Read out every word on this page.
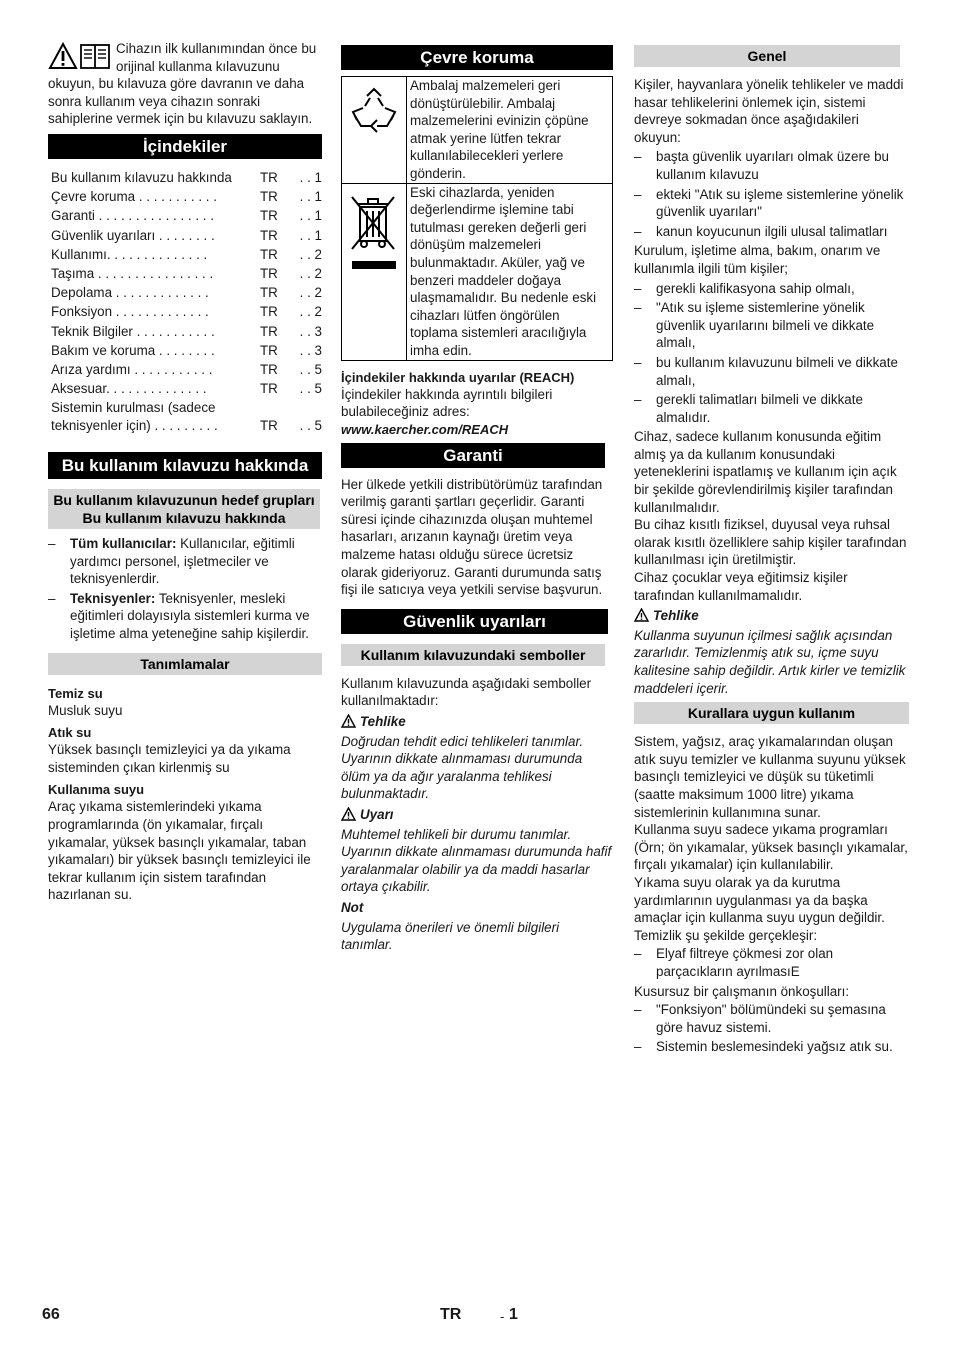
Cihazın ilk kullanımından önce bu orijinal kullanma kılavuzunu okuyun, bu kılavuza göre davranın ve daha sonra kullanım veya cihazın sonraki sahiplerine vermek için bu kılavuzu saklayın.

İçindekiler
Bu kullanım kılavuzu hakkında	TR	. . 1
Çevre koruma . . . . . . . . . . .	TR	. . 1
Garanti . . . . . . . . . . . . . . . .	TR	. . 1
Güvenlik uyarıları . . . . . . . .	TR	. . 1
Kullanımı. . . . . . . . . . . . . .	TR	. . 2
Taşıma . . . . . . . . . . . . . . . .	TR	. . 2
Depolama . . . . . . . . . . . . .	TR	. . 2
Fonksiyon . . . . . . . . . . . . .	TR	. . 2
Teknik Bilgiler . . . . . . . . . . .	TR	. . 3
Bakım ve koruma . . . . . . . .	TR	. . 3
Arıza yardımı . . . . . . . . . . .	TR	. . 5
Aksesuar. . . . . . . . . . . . . .	TR	. . 5
Sistemin kurulması (sadece teknisyenler için) . . . . . . . . .	TR	. . 5
Bu kullanım kılavuzu hakkında
Bu kullanım kılavuzunun hedef grupları
Bu kullanım kılavuzu hakkında
– Tüm kullanıcılar: Kullanıcılar, eğitimli yardımcı personel, işletmeciler ve teknisyenlerdir.
– Teknisyenler: Teknisyenler, mesleki eğitimleri dolayısıyla sistemleri kurma ve işletime alma yeteneğine sahip kişilerdir.
Tanımlamalar

Temiz su

Musluk suyu

Atık su

Yüksek basınçlı temizleyici ya da yıkama sisteminden çıkan kirlenmiş su

Kullanıma suyu

Araç yıkama sistemlerindeki yıkama programlarında (ön yıkamalar, fırçalı yıkamalar, yüksek basınçlı yıkamalar, taban yıkamaları) bir yüksek basınçlı temizleyici ile tekrar kullanım için sistem tarafından hazırlanan su.

Çevre koruma
	Ambalaj malzemeleri geri dönüştürülebilir. Ambalaj malzemelerini evinizin çöpüne atmak yerine lütfen tekrar kullanılabilecekleri yerlere gönderin.
	Eski cihazlarda, yeniden değerlendirme işlemine tabi tutulması gereken değerli geri dönüşüm malzemeleri bulunmaktadır. Aküler, yağ ve benzeri maddeler doğaya ulaşmamalıdır. Bu nedenle eski cihazları lütfen öngörülen toplama sistemleri aracılığıyla imha edin.

İçindekiler hakkında uyarılar (REACH)

İçindekiler hakkında ayrıntılı bilgileri bulabileceğiniz adres:

www.kaercher.com/REACH

Garanti

Her ülkede yetkili distribütörümüz tarafından verilmiş garanti şartları geçerlidir. Garanti süresi içinde cihazınızda oluşan muhtemel hasarları, arızanın kaynağı üretim veya malzeme hatası olduğu sürece ücretsiz olarak gideriyoruz. Garanti durumunda satış fişi ile satıcıya veya yetkili servise başvurun.

Güvenlik uyarıları
Kullanım kılavuzundaki semboller

Kullanım kılavuzunda aşağıdaki semboller kullanılmaktadır:

Tehlike

Doğrudan tehdit edici tehlikeleri tanımlar. Uyarının dikkate alınmaması durumunda ölüm ya da ağır yaralanma tehlikesi bulunmaktadır.

Uyarı

Muhtemel tehlikeli bir durumu tanımlar. Uyarının dikkate alınmaması durumunda hafif yaralanmalar olabilir ya da maddi hasarlar ortaya çıkabilir.

Not

Uygulama önerileri ve önemli bilgileri tanımlar.

Genel

Kişiler, hayvanlara yönelik tehlikeler ve maddi hasar tehlikelerini önlemek için, sistemi devreye sokmadan önce aşağıdakileri okuyun:

– başta güvenlik uyarıları olmak üzere bu kullanım kılavuzu
– ekteki "Atık su işleme sistemlerine yönelik güvenlik uyarıları"
– kanun koyucunun ilgili ulusal talimatları

Kurulum, işletime alma, bakım, onarım ve kullanımla ilgili tüm kişiler;

– gerekli kalifikasyona sahip olmalı,
– "Atık su işleme sistemlerine yönelik güvenlik uyarılarını bilmeli ve dikkate almalı,
– bu kullanım kılavuzunu bilmeli ve dikkate almalı,
– gerekli talimatları bilmeli ve dikkate almalıdır.

Cihaz, sadece kullanım konusunda eğitim almış ya da kullanım konusundaki yeteneklerini ispatlamış ve kullanım için açık bir şekilde görevlendirilmiş kişiler tarafından kullanılmalıdır.

Bu cihaz kısıtlı fiziksel, duyusal veya ruhsal olarak kısıtlı özelliklere sahip kişiler tarafından kullanılması için üretilmiştir.

Cihaz çocuklar veya eğitimsiz kişiler tarafından kullanılmamalıdır.

Tehlike

Kullanma suyunun içilmesi sağlık açısından zararlıdır. Temizlenmiş atık su, içme suyu kalitesine sahip değildir. Artık kirler ve temizlik maddeleri içerir.

Kurallara uygun kullanım

Sistem, yağsız, araç yıkamalarından oluşan atık suyu temizler ve kullanma suyunu yüksek basınçlı temizleyici ve düşük su tüketimli (saatte maksimum 1000 litre) yıkama sistemlerinin kullanımına sunar.

Kullanma suyu sadece yıkama programları (Örn; ön yıkamalar, yüksek basınçlı yıkamalar, fırçalı yıkamalar) için kullanılabilir.

Yıkama suyu olarak ya da kurutma yardımlarının uygulanması ya da başka amaçlar için kullanma suyu uygun değildir.

Temizlik şu şekilde gerçekleşir:

– Elyaf filtreye çökmesi zor olan parçacıkların ayrılmasıE

Kusursuz bir çalışmanın önkoşulları:

– "Fonksiyon" bölümündeki su şemasına göre havuz sistemi.
– Sistemin beslemesindeki yağsız atık su.
66	TR	- 1
